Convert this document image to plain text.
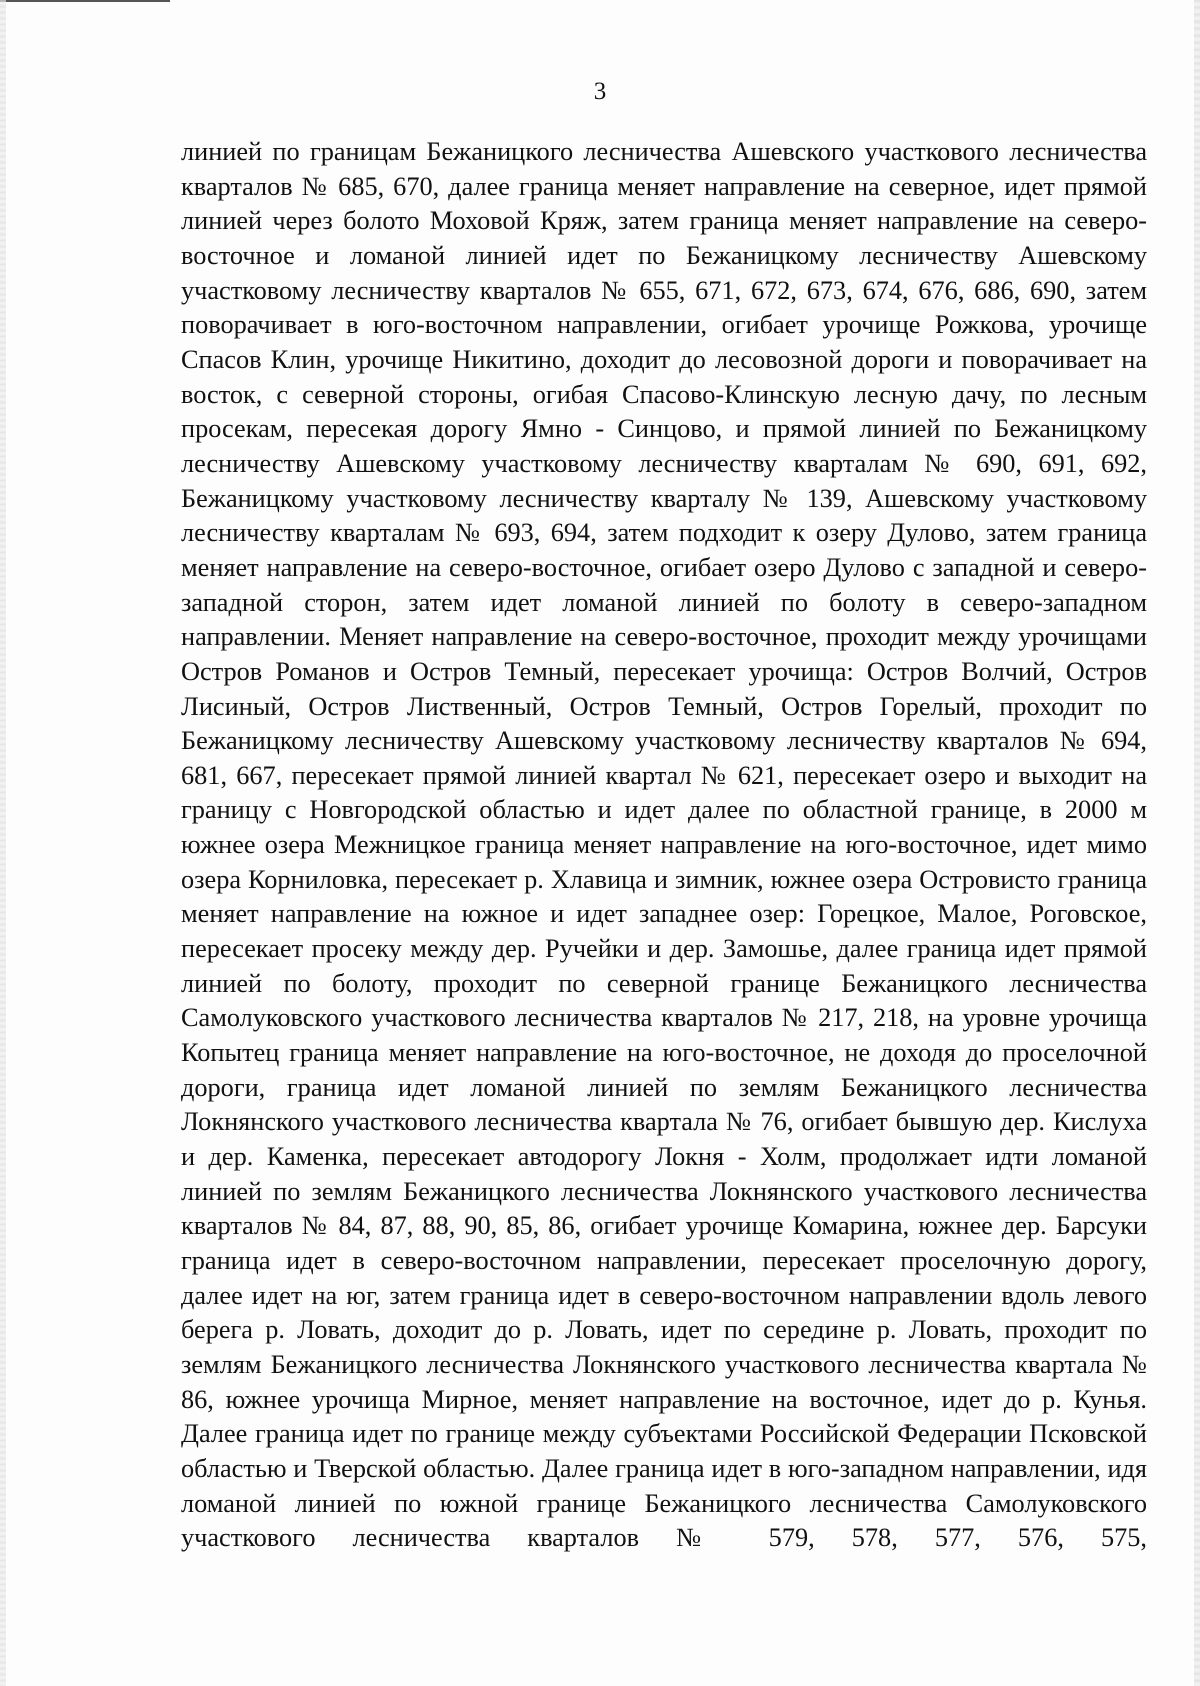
3

линией по границам Бежаницкого лесничества Ашевского участкового лесничества кварталов № 685, 670, далее граница меняет направление на северное, идет прямой линией через болото Моховой Кряж, затем граница меняет направление на северо-восточное и ломаной линией идет по Бежаницкому лесничеству Ашевскому участковому лесничеству кварталов № 655, 671, 672, 673, 674, 676, 686, 690, затем поворачивает в юго-восточном направлении, огибает урочище Рожкова, урочище Спасов Клин, урочище Никитино, доходит до лесовозной дороги и поворачивает на восток, с северной стороны, огибая Спасово-Клинскую лесную дачу, по лесным просекам, пересекая дорогу Ямно - Синцово, и прямой линией по Бежаницкому лесничеству Ашевскому участковому лесничеству кварталам № 690, 691, 692, Бежаницкому участковому лесничеству кварталу № 139, Ашевскому участковому лесничеству кварталам № 693, 694, затем подходит к озеру Дулово, затем граница меняет направление на северо-восточное, огибает озеро Дулово с западной и северо-западной сторон, затем идет ломаной линией по болоту в северо-западном направлении. Меняет направление на северо-восточное, проходит между урочищами Остров Романов и Остров Темный, пересекает урочища: Остров Волчий, Остров Лисиный, Остров Лиственный, Остров Темный, Остров Горелый, проходит по Бежаницкому лесничеству Ашевскому участковому лесничеству кварталов № 694, 681, 667, пересекает прямой линией квартал № 621, пересекает озеро и выходит на границу с Новгородской областью и идет далее по областной границе, в 2000 м южнее озера Межницкое граница меняет направление на юго-восточное, идет мимо озера Корниловка, пересекает р. Хлавица и зимник, южнее озера Островисто граница меняет направление на южное и идет западнее озер: Горецкое, Малое, Роговское, пересекает просеку между дер. Ручейки и дер. Замошье, далее граница идет прямой линией по болоту, проходит по северной границе Бежаницкого лесничества Самолуковского участкового лесничества кварталов № 217, 218, на уровне урочища Копытец граница меняет направление на юго-восточное, не доходя до проселочной дороги, граница идет ломаной линией по землям Бежаницкого лесничества Локнянского участкового лесничества квартала № 76, огибает бывшую дер. Кислуха и дер. Каменка, пересекает автодорогу Локня - Холм, продолжает идти ломаной линией по землям Бежаницкого лесничества Локнянского участкового лесничества кварталов № 84, 87, 88, 90, 85, 86, огибает урочище Комарина, южнее дер. Барсуки граница идет в северо-восточном направлении, пересекает проселочную дорогу, далее идет на юг, затем граница идет в северо-восточном направлении вдоль левого берега р. Ловать, доходит до р. Ловать, идет по середине р. Ловать, проходит по землям Бежаницкого лесничества Локнянского участкового лесничества квартала № 86, южнее урочища Мирное, меняет направление на восточное, идет до р. Кунья. Далее граница идет по границе между субъектами Российской Федерации Псковской областью и Тверской областью. Далее граница идет в юго-западном направлении, идя ломаной линией по южной границе Бежаницкого лесничества Самолуковского участкового лесничества кварталов № 579, 578, 577, 576, 575,
